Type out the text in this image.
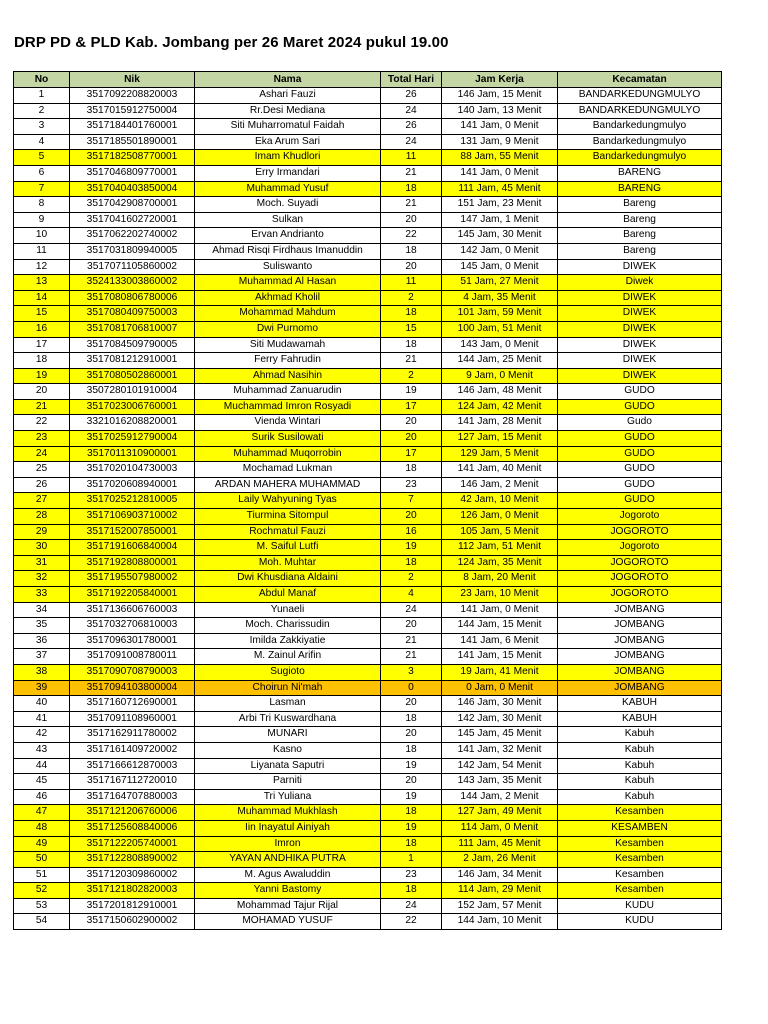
DRP PD & PLD Kab. Jombang per 26 Maret 2024 pukul 19.00
No	Nik	Nama	Total Hari	Jam Kerja	Kecamatan
1	3517092208820003	Ashari Fauzi	26	146 Jam, 15 Menit	BANDARKEDUNGMULYO
2	3517015912750004	Rr.Desi Mediana	24	140 Jam, 13 Menit	BANDARKEDUNGMULYO
3	3517184401760001	Siti Muharromatul Faidah	26	141 Jam, 0 Menit	Bandarkedungmulyo
4	3517185501890001	Eka Arum Sari	24	131 Jam, 9 Menit	Bandarkedungmulyo
5	3517182508770001	Imam Khudlori	11	88 Jam, 55 Menit	Bandarkedungmulyo
6	3517046809770001	Erry Irmandari	21	141 Jam, 0 Menit	BARENG
7	3517040403850004	Muhammad Yusuf	18	111 Jam, 45 Menit	BARENG
8	3517042908700001	Moch. Suyadi	21	151 Jam, 23 Menit	Bareng
9	3517041602720001	Sulkan	20	147 Jam, 1 Menit	Bareng
10	3517062202740002	Ervan Andrianto	22	145 Jam, 30 Menit	Bareng
11	3517031809940005	Ahmad Risqi Firdhaus Imanuddin	18	142 Jam, 0 Menit	Bareng
12	3517071105860002	Suliswanto	20	145 Jam, 0 Menit	DIWEK
13	3524133003860002	Muhammad Al Hasan	11	51 Jam, 27 Menit	Diwek
14	3517080806780006	Akhmad Kholil	2	4 Jam, 35 Menit	DIWEK
15	3517080409750003	Mohammad Mahdum	18	101 Jam, 59 Menit	DIWEK
16	3517081706810007	Dwi Purnomo	15	100 Jam, 51 Menit	DIWEK
17	3517084509790005	Siti Mudawamah	18	143 Jam, 0 Menit	DIWEK
18	3517081212910001	Ferry Fahrudin	21	144 Jam, 25 Menit	DIWEK
19	3517080502860001	Ahmad Nasihin	2	9 Jam, 0 Menit	DIWEK
20	3507280101910004	Muhammad Zanuarudin	19	146 Jam, 48 Menit	GUDO
21	3517023006760001	Muchammad Imron Rosyadi	17	124 Jam, 42 Menit	GUDO
22	3321016208820001	Vienda Wintari	20	141 Jam, 28 Menit	Gudo
23	3517025912790004	Surik Susilowati	20	127 Jam, 15 Menit	GUDO
24	3517011310900001	Muhammad Muqorrobin	17	129 Jam, 5 Menit	GUDO
25	3517020104730003	Mochamad Lukman	18	141 Jam, 40 Menit	GUDO
26	3517020608940001	ARDAN MAHERA MUHAMMAD	23	146 Jam, 2 Menit	GUDO
27	3517025212810005	Laily Wahyuning Tyas	7	42 Jam, 10 Menit	GUDO
28	3517106903710002	Tiurmina Sitompul	20	126 Jam, 0 Menit	Jogoroto
29	3517152007850001	Rochmatul Fauzi	16	105 Jam, 5 Menit	JOGOROTO
30	3517191606840004	M. Saiful Lutfi	19	112 Jam, 51 Menit	Jogoroto
31	3517192808800001	Moh. Muhtar	18	124 Jam, 35 Menit	JOGOROTO
32	3517195507980002	Dwi Khusdiana Aldaini	2	8 Jam, 20 Menit	JOGOROTO
33	3517192205840001	Abdul Manaf	4	23 Jam, 10 Menit	JOGOROTO
34	3517136606760003	Yunaeli	24	141 Jam, 0 Menit	JOMBANG
35	3517032706810003	Moch. Charissudin	20	144 Jam, 15 Menit	JOMBANG
36	3517096301780001	Imilda Zakkiyatie	21	141 Jam, 6 Menit	JOMBANG
37	3517091008780011	M. Zainul Arifin	21	141 Jam, 15 Menit	JOMBANG
38	3517090708790003	Sugioto	3	19 Jam, 41 Menit	JOMBANG
39	3517094103800004	Choirun Ni'mah	0	0 Jam, 0 Menit	JOMBANG
40	3517160712690001	Lasman	20	146 Jam, 30 Menit	KABUH
41	3517091108960001	Arbi Tri Kuswardhana	18	142 Jam, 30 Menit	KABUH
42	3517162911780002	MUNARI	20	145 Jam, 45 Menit	Kabuh
43	3517161409720002	Kasno	18	141 Jam, 32 Menit	Kabuh
44	3517166612870003	Liyanata Saputri	19	142 Jam, 54 Menit	Kabuh
45	3517167112720010	Parniti	20	143 Jam, 35 Menit	Kabuh
46	3517164707880003	Tri Yuliana	19	144 Jam, 2 Menit	Kabuh
47	3517121206760006	Muhammad Mukhlash	18	127 Jam, 49 Menit	Kesamben
48	3517125608840006	Iin Inayatul Ainiyah	19	114 Jam, 0 Menit	KESAMBEN
49	3517122205740001	Imron	18	111 Jam, 45 Menit	Kesamben
50	3517122808890002	YAYAN ANDHIKA PUTRA	1	2 Jam, 26 Menit	Kesamben
51	3517120309860002	M. Agus Awaluddin	23	146 Jam, 34 Menit	Kesamben
52	3517121802820003	Yanni Bastomy	18	114 Jam, 29 Menit	Kesamben
53	3517201812910001	Mohammad Tajur Rijal	24	152 Jam, 57 Menit	KUDU
54	3517150602900002	MOHAMAD YUSUF	22	144 Jam, 10 Menit	KUDU
